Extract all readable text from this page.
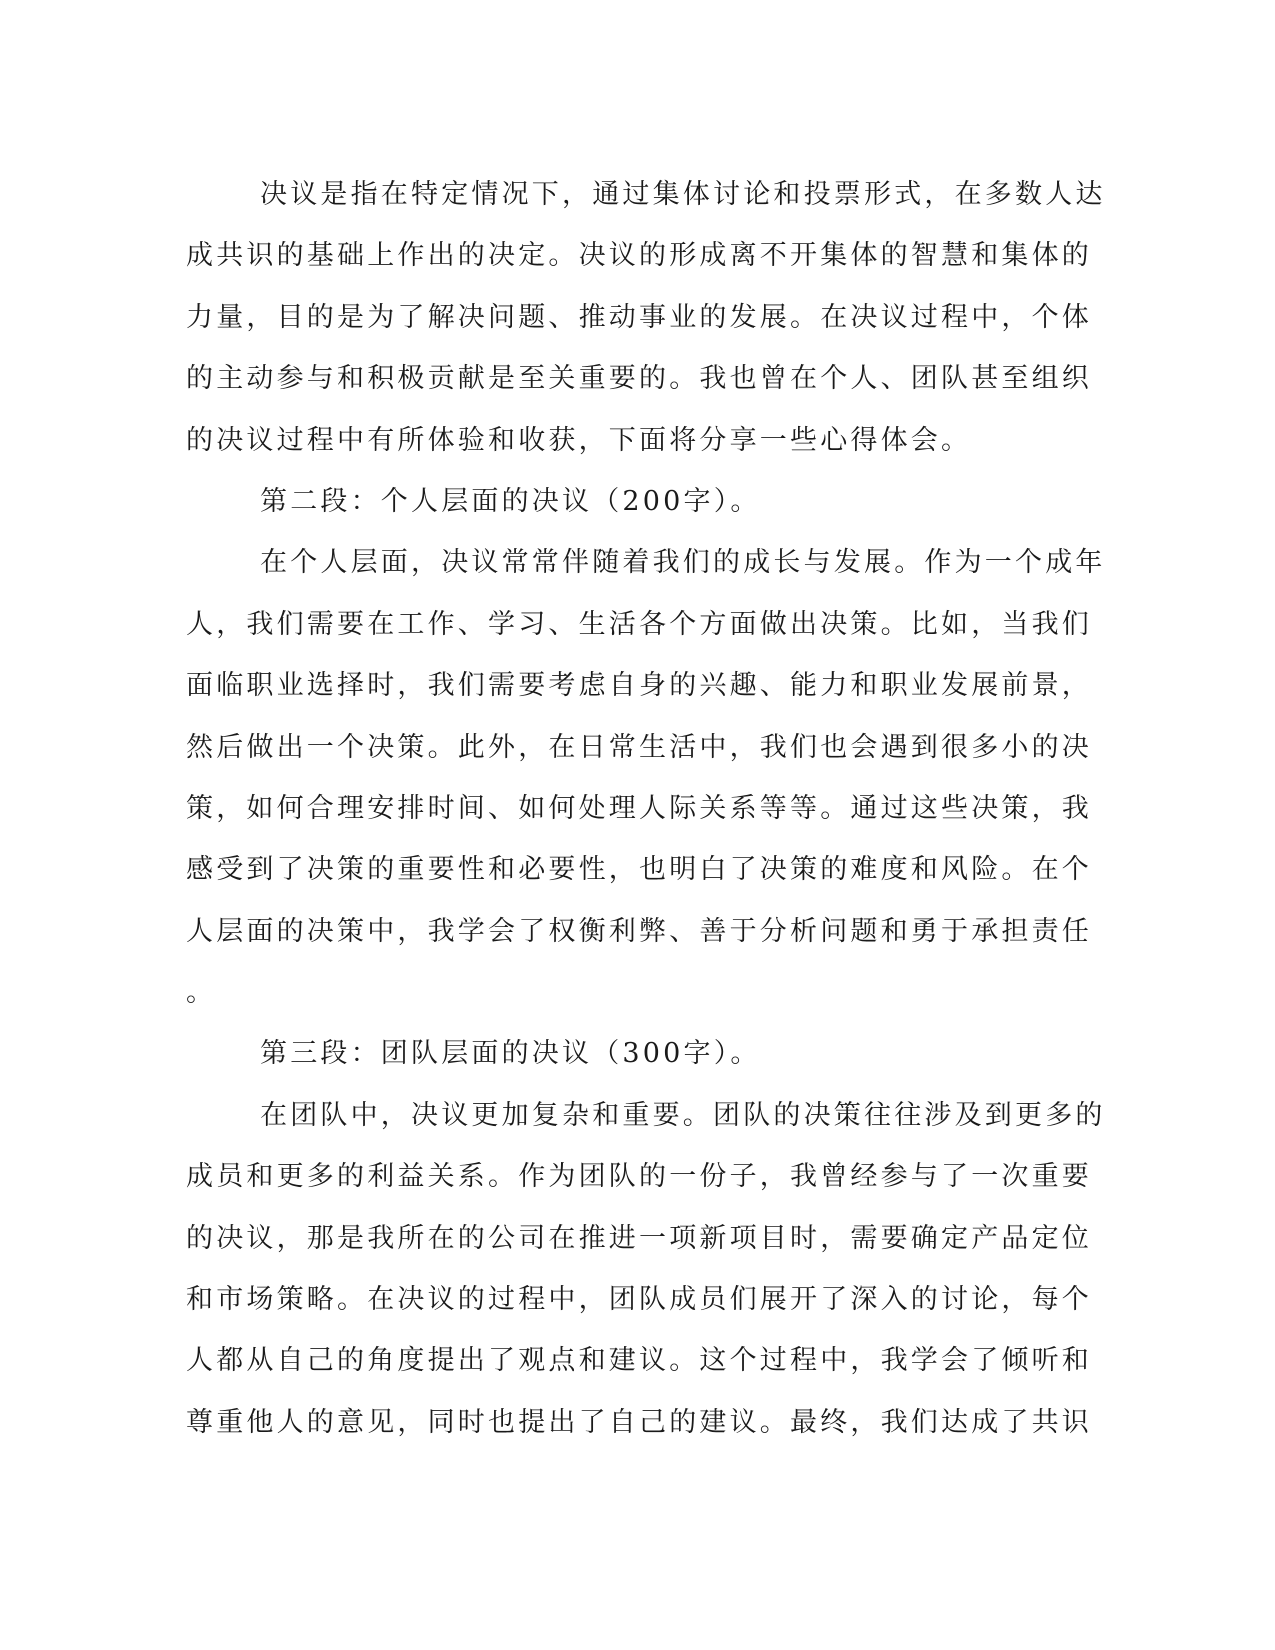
决议是指在特定情况下，通过集体讨论和投票形式，在多数人达
成共识的基础上作出的决定。决议的形成离不开集体的智慧和集体的
力量，目的是为了解决问题、推动事业的发展。在决议过程中，个体
的主动参与和积极贡献是至关重要的。我也曾在个人、团队甚至组织
的决议过程中有所体验和收获，下面将分享一些心得体会。
第二段：个人层面的决议（200字）。
在个人层面，决议常常伴随着我们的成长与发展。作为一个成年
人，我们需要在工作、学习、生活各个方面做出决策。比如，当我们
面临职业选择时，我们需要考虑自身的兴趣、能力和职业发展前景，
然后做出一个决策。此外，在日常生活中，我们也会遇到很多小的决
策，如何合理安排时间、如何处理人际关系等等。通过这些决策，我
感受到了决策的重要性和必要性，也明白了决策的难度和风险。在个
人层面的决策中，我学会了权衡利弊、善于分析问题和勇于承担责任
。
第三段：团队层面的决议（300字）。
在团队中，决议更加复杂和重要。团队的决策往往涉及到更多的
成员和更多的利益关系。作为团队的一份子，我曾经参与了一次重要
的决议，那是我所在的公司在推进一项新项目时，需要确定产品定位
和市场策略。在决议的过程中，团队成员们展开了深入的讨论，每个
人都从自己的角度提出了观点和建议。这个过程中，我学会了倾听和
尊重他人的意见，同时也提出了自己的建议。最终，我们达成了共识
